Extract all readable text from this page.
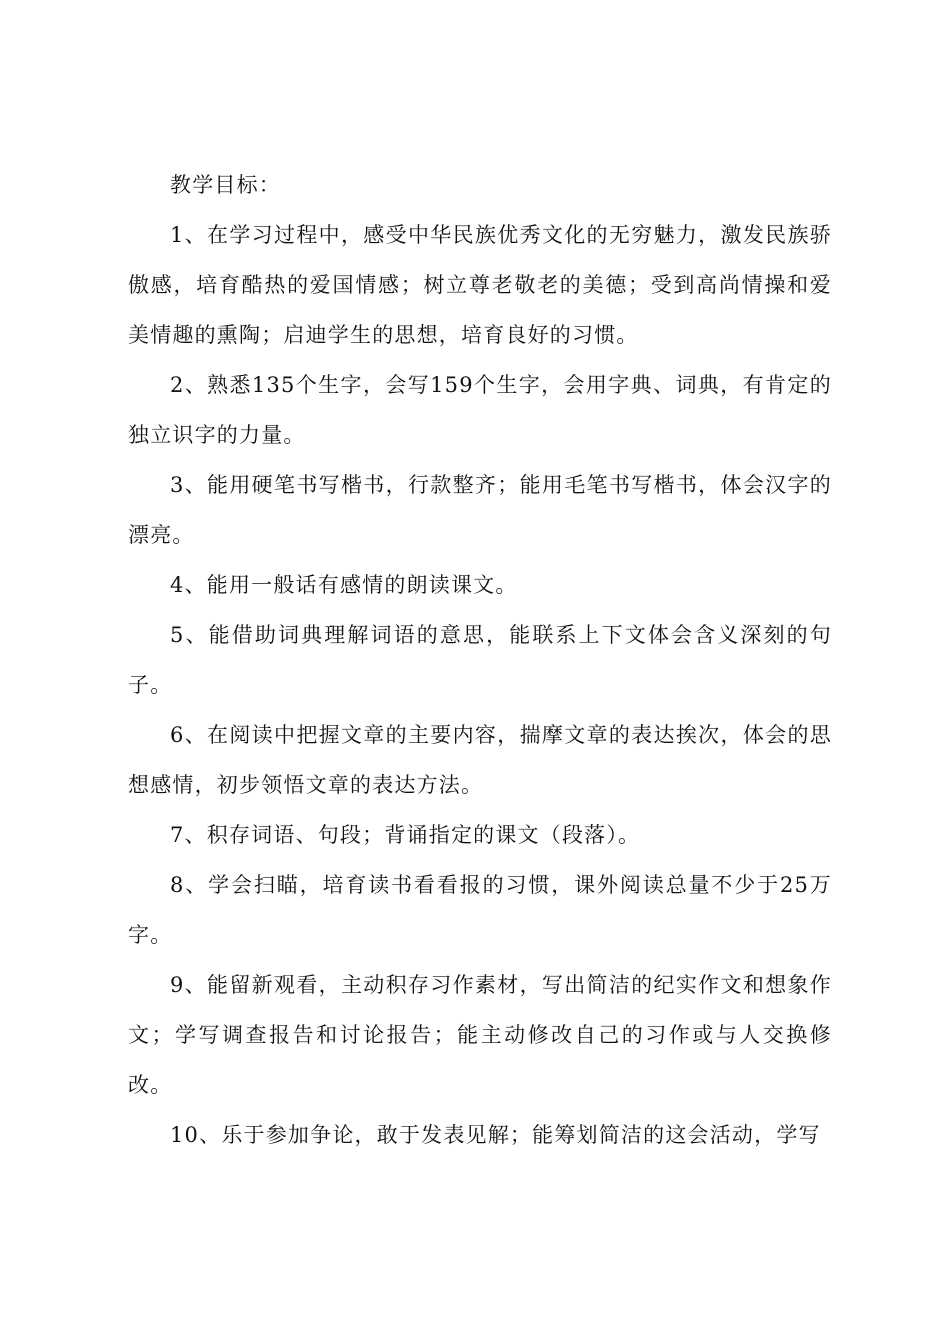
教学目标：

1、在学习过程中，感受中华民族优秀文化的无穷魅力，激发民族骄傲感，培育酷热的爱国情感；树立尊老敬老的美德；受到高尚情操和爱美情趣的熏陶；启迪学生的思想，培育良好的习惯。

2、熟悉135个生字，会写159个生字，会用字典、词典，有肯定的独立识字的力量。

3、能用硬笔书写楷书，行款整齐；能用毛笔书写楷书，体会汉字的漂亮。

4、能用一般话有感情的朗读课文。

5、能借助词典理解词语的意思，能联系上下文体会含义深刻的句子。

6、在阅读中把握文章的主要内容，揣摩文章的表达挨次，体会的思想感情，初步领悟文章的表达方法。

7、积存词语、句段；背诵指定的课文（段落）。

8、学会扫瞄，培育读书看看报的习惯，课外阅读总量不少于25万字。

9、能留新观看，主动积存习作素材，写出简洁的纪实作文和想象作文；学写调查报告和讨论报告；能主动修改自己的习作或与人交换修改。

10、乐于参加争论，敢于发表见解；能筹划简洁的这会活动，学写
